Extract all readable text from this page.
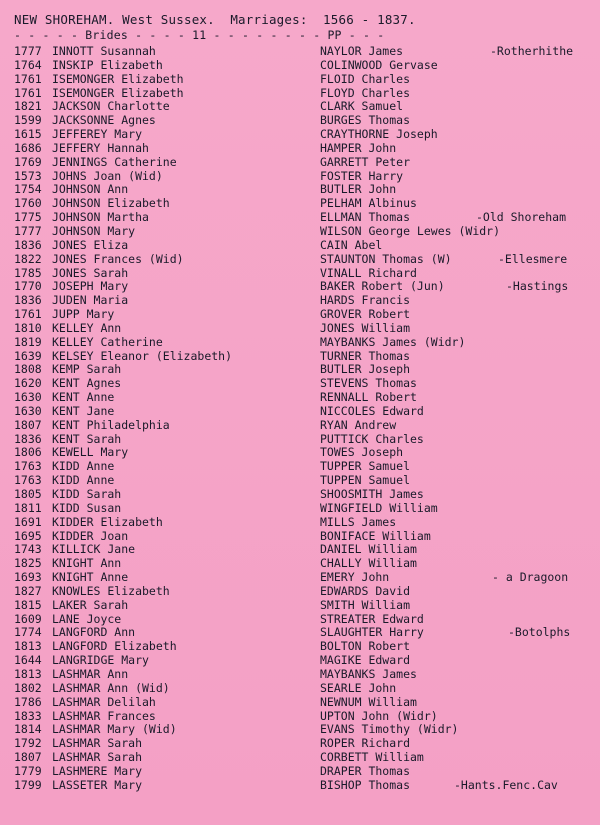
NEW SHOREHAM. West Sussex.  Marriages:  1566 - 1837.
- - - - - Brides - - - - 11 - - - - - - - - PP - - -
1777 INNOTT Susannah	NAYLOR James	-Rotherhithe
1764 INSKIP Elizabeth	COLINWOOD Gervase
1761 ISEMONGER Elizabeth	FLOID Charles
1761 ISEMONGER Elizabeth	FLOYD Charles
1821 JACKSON Charlotte	CLARK Samuel
1599 JACKSONNE Agnes	BURGES Thomas
1615 JEFFEREY Mary	CRAYTHORNE Joseph
1686 JEFFERY Hannah	HAMPER John
1769 JENNINGS Catherine	GARRETT Peter
1573 JOHNS Joan (Wid)	FOSTER Harry
1754 JOHNSON Ann	BUTLER John
1760 JOHNSON Elizabeth	PELHAM Albinus
1775 JOHNSON Martha	ELLMAN Thomas	-Old Shoreham
1777 JOHNSON Mary	WILSON George Lewes (Widr)
1836 JONES Eliza	CAIN Abel
1822 JONES Frances (Wid)	STAUNTON Thomas (W)	-Ellesmere
1785 JONES Sarah	VINALL Richard
1770 JOSEPH Mary	BAKER Robert (Jun)	-Hastings
1836 JUDEN Maria	HARDS Francis
1761 JUPP Mary	GROVER Robert
1810 KELLEY Ann	JONES William
1819 KELLEY Catherine	MAYBANKS James (Widr)
1639 KELSEY Eleanor (Elizabeth)	TURNER Thomas
1808 KEMP Sarah	BUTLER Joseph
1620 KENT Agnes	STEVENS Thomas
1630 KENT Anne	RENNALL Robert
1630 KENT Jane	NICCOLES Edward
1807 KENT Philadelphia	RYAN Andrew
1836 KENT Sarah	PUTTICK Charles
1806 KEWELL Mary	TOWES Joseph
1763 KIDD Anne	TUPPER Samuel
1763 KIDD Anne	TUPPEN Samuel
1805 KIDD Sarah	SHOOSMITH James
1811 KIDD Susan	WINGFIELD William
1691 KIDDER Elizabeth	MILLS James
1695 KIDDER Joan	BONIFACE William
1743 KILLICK Jane	DANIEL William
1825 KNIGHT Ann	CHALLY William
1693 KNIGHT Anne	EMERY John	- a Dragoon
1827 KNOWLES Elizabeth	EDWARDS David
1815 LAKER Sarah	SMITH William
1609 LANE Joyce	STREATER Edward
1774 LANGFORD Ann	SLAUGHTER Harry	-Botolphs
1813 LANGFORD Elizabeth	BOLTON Robert
1644 LANGRIDGE Mary	MAGIKE Edward
1813 LASHMAR Ann	MAYBANKS James
1802 LASHMAR Ann (Wid)	SEARLE John
1786 LASHMAR Delilah	NEWNUM William
1833 LASHMAR Frances	UPTON John (Widr)
1814 LASHMAR Mary (Wid)	EVANS Timothy (Widr)
1792 LASHMAR Sarah	ROPER Richard
1807 LASHMAR Sarah	CORBETT William
1779 LASHMERE Mary	DRAPER Thomas
1799 LASSETER Mary	BISHOP Thomas	-Hants.Fenc.Cav
